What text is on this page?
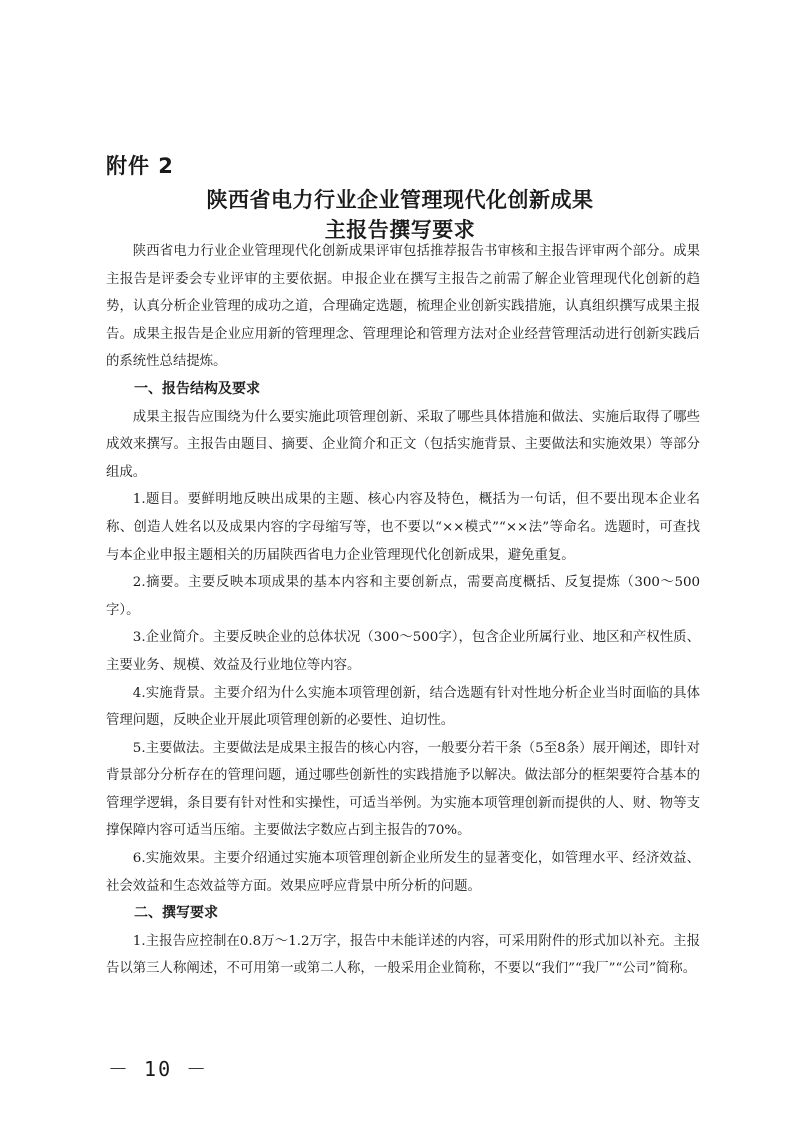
附件 2
陕西省电力行业企业管理现代化创新成果
主报告撰写要求

陕西省电力行业企业管理现代化创新成果评审包括推荐报告书审核和主报告评审两个部分。成果主报告是评委会专业评审的主要依据。申报企业在撰写主报告之前需了解企业管理现代化创新的趋势，认真分析企业管理的成功之道，合理确定选题，梳理企业创新实践措施，认真组织撰写成果主报告。成果主报告是企业应用新的管理理念、管理理论和管理方法对企业经营管理活动进行创新实践后的系统性总结提炼。

一、报告结构及要求

成果主报告应围绕为什么要实施此项管理创新、采取了哪些具体措施和做法、实施后取得了哪些成效来撰写。主报告由题目、摘要、企业简介和正文（包括实施背景、主要做法和实施效果）等部分组成。

1.题目。要鲜明地反映出成果的主题、核心内容及特色，概括为一句话，但不要出现本企业名称、创造人姓名以及成果内容的字母缩写等，也不要以“××模式”“××法”等命名。选题时，可查找与本企业申报主题相关的历届陕西省电力企业管理现代化创新成果，避免重复。

2.摘要。主要反映本项成果的基本内容和主要创新点，需要高度概括、反复提炼（300～500字）。

3.企业简介。主要反映企业的总体状况（300～500字），包含企业所属行业、地区和产权性质、主要业务、规模、效益及行业地位等内容。

4.实施背景。主要介绍为什么实施本项管理创新，结合选题有针对性地分析企业当时面临的具体管理问题，反映企业开展此项管理创新的必要性、迫切性。

5.主要做法。主要做法是成果主报告的核心内容，一般要分若干条（5至8条）展开阐述，即针对背景部分分析存在的管理问题，通过哪些创新性的实践措施予以解决。做法部分的框架要符合基本的管理学逻辑，条目要有针对性和实操性，可适当举例。为实施本项管理创新而提供的人、财、物等支撑保障内容可适当压缩。主要做法字数应占到主报告的70%。

6.实施效果。主要介绍通过实施本项管理创新企业所发生的显著变化，如管理水平、经济效益、社会效益和生态效益等方面。效果应呼应背景中所分析的问题。

二、撰写要求

1.主报告应控制在0.8万～1.2万字，报告中未能详述的内容，可采用附件的形式加以补充。主报告以第三人称阐述，不可用第一或第二人称，一般采用企业简称，不要以“我们”“我厂”“公司”简称。

－ 10 －
